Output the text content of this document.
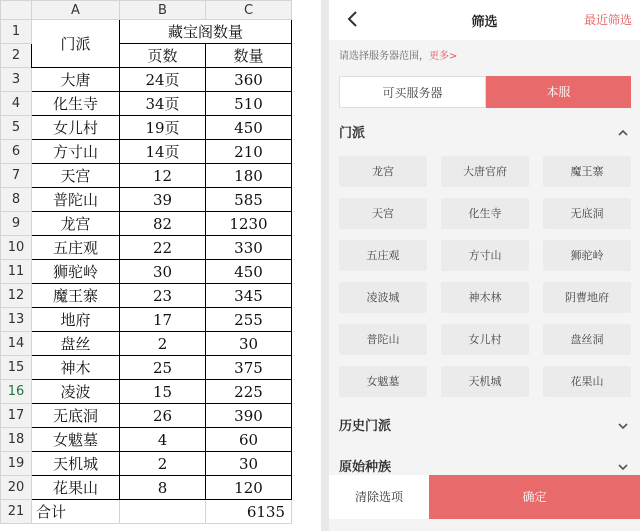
	A	B	C
1	门派	藏宝阁数量	
2		页数	数量
3	大唐	24页	360
4	化生寺	34页	510
5	女儿村	19页	450
6	方寸山	14页	210
7	天宫	12	180
8	普陀山	39	585
9	龙宫	82	1230
10	五庄观	22	330
11	狮驼岭	30	450
12	魔王寨	23	345
13	地府	17	255
14	盘丝	2	30
15	神木	25	375
16	凌波	15	225
17	无底洞	26	390
18	女魃墓	4	60
19	天机城	2	30
20	花果山	8	120
21	合计		6135
筛选	最近筛选
请选择服务器范围，更多>
可买服务器	本服
门派
龙宫	大唐官府	魔王寨
天宫	化生寺	无底洞
五庄观	方寸山	狮驼岭
凌波城	神木林	阴曹地府
普陀山	女儿村	盘丝洞
女魃墓	天机城	花果山
历史门派
原始种族
清除选项	确定
